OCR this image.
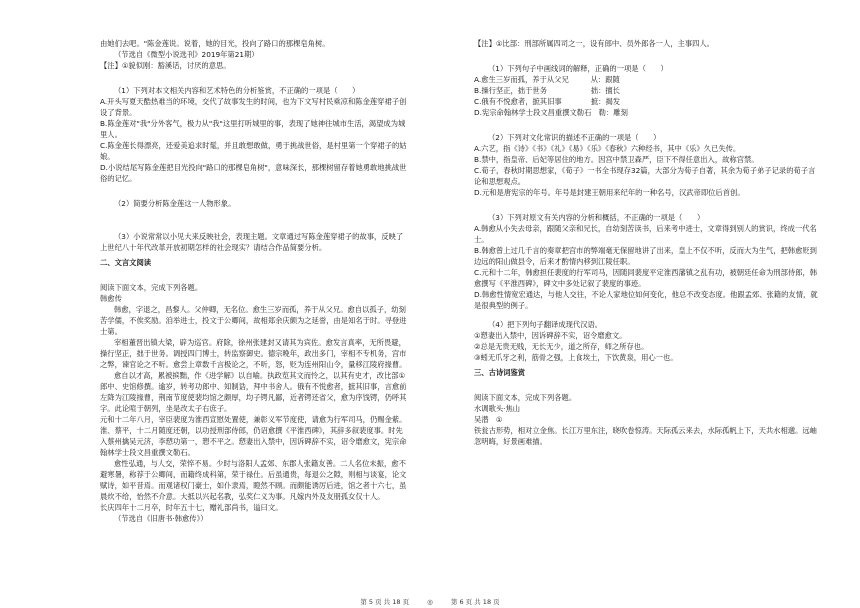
由她们去吧。"陈金莲说。说着，她的目光，投向了路口的那棵皂角树。

（节选自《微型小说选刊》2019年第21期）

【注】①貌似刚：豁溪话，讨厌的意思。

（1）下列对本文相关内容和艺术特色的分析鉴赏，不正确的一项是（　　）

A.开头写夏天酷热难当的环境，交代了故事发生的时间，也为下文写村民乘凉和陈金莲穿裙子创设了背景。

B.陈金莲对"我"分外客气，极力从"我"这里打听城里的事，表现了她神往城市生活，渴望成为城里人。

C.陈金莲长得漂亮，还爱美追求时髦，并且敢想敢做，勇于挑战世俗，是村里第一个穿裙子的姑娘。

D.小说结尾写陈金莲把目光投向"路口的那棵皂角树"，意味深长，那棵树留存着她勇敢地挑战世俗的记忆。

（2）简要分析陈金莲这一人物形象。

（3）小说常常以小见大来反映社会，表现主题。文章通过写陈金莲穿裙子的故事，反映了上世纪八十年代改革开放初期怎样的社会现实？请结合作品简要分析。

二、文言文阅读

阅读下面文本，完成下列各题。

韩愈传

韩愈，字退之，昌黎人。父仲卿，无名位。愈生三岁而孤，养于从父兄。愈自以孤子，幼刻苦学儒，不俟奖励。洎举进士，投文于公卿间，故相郑余庆颇为之延誉，由是知名于时。寻登进士第。

宰相董晋出镇大梁，辟为巡官。府除，徐州张建封又请其为宾佐。愈发言真率，无所畏避，操行坚正，拙于世务。调授四门博士，转监察御史。德宗晚年，政出多门，宰相不专机务，宫市之弊，谏官论之不听。愈尝上章数千言极论之，不听，怒，贬为连州阳山令，量移江陵府掾曹。

愈自以才高，累被摈黜，作《进学解》以自喻。执政览其文而怜之，以其有史才，改比部①郎中、史馆修撰。逾岁，转考功郎中、知制诰，拜中书舍人。俄有不悦愈者，摭其旧事，言愈前左降为江陵掾曹，荆南节度使裴均馆之颇厚，均子锷凡鄙，近者锷还省父，愈为序饯锷，仍呼其字。此论喧于朝列，坐是改太子右庶子。

元和十二年八月，宰臣裴度为淮西宣慰处置使，兼彰义军节度使，请愈为行军司马，仍赐金紫。淮、蔡平，十二月随度还朝，以功授刑部侍郎，仍诏愈撰《平淮西碑》，其辞多叙裴度事。时先入蔡州擒吴元济，李愬功第一，愬不平之。愬妻出入禁中，因诉碑辞不实，诏令磨愈文，宪宗命翰林学士段文昌重撰文勒石。

愈性弘通，与人交，荣悴不易。少时与洛阳人孟郊、东郡人张籍友善。二人名位未振，愈不避寒暑，称荐于公卿间，而籍终成科第，荣于禄仕。后虽通贵，每退公之隙，则相与谈宴，论文赋诗，如平昔焉。而观诸权门豪士，如仆隶焉，瞪然不顾。而颇能诱厉后进，馆之者十六七，虽晨炊不给，怡然不介意。大抵以兴起名教，弘奖仁义为事。凡嫁内外及友朋孤女仅十人。

长庆四年十二月卒，时年五十七，赠礼部尚书，谥曰文。

（节选自《旧唐书·韩愈传》）

【注】①比部：刑部所属四司之一，设有郎中、员外郎各一人，主事四人。

（1）下列句子中画线词的解释，正确的一项是（　　）

A.愈生三岁而孤，养于从父兄　　　从：跟随

B.操行坚正，拙于世务　　　　　　拙：擅长

C.俄有不悦愈者，摭其旧事　　　　摭：揭发

D.宪宗命翰林学士段文昌重撰文勒石　勒：雕刻

（2）下列对文化常识的描述不正确的一项是（　　）

A.六艺，指《诗》《书》《礼》《易》《乐》《春秋》六种经书，其中《乐》久已失传。

B.禁中，指皇帝、后妃等居住的地方。因宫中禁卫森严，臣下不得任意出入，故称宫禁。

C.荀子，春秋时期思想家，《荀子》一书全书现存32篇，大部分为荀子自著，其余为荀子弟子记录的荀子言论和思想观点。

D.元和是唐宪宗的年号。年号是封建王朝用来纪年的一种名号，汉武帝即位后首创。

（3）下列对原文有关内容的分析和概括，不正确的一项是（　　）

A.韩愈从小失去母亲，跟随父亲和兄长，自幼刻苦读书，后来考中进士，文章得到别人的赏识，终成一代名士。

B.韩愈曾上过几千言的奏章把宫市的弊端毫无保留地讲了出来，皇上不仅不听，反而大为生气，把韩愈贬到边远的阳山做县令，后来才酌情内移到江陵任职。

C.元和十二年，韩愈担任裴度的行军司马，因随同裴度平定淮西藩镇之乱有功，被朝廷任命为刑部侍郎，韩愈撰写《平淮西碑》，碑文中多处记叙了裴度的事迹。

D.韩愈性情宽宏通达，与他人交往，不论人家地位如何变化，他总不改变态度。他跟孟郊、张籍的友情，就是很典型的例子。

（4）把下列句子翻译成现代汉语。

①愬妻出入禁中，因诉碑辞不实，诏令磨愈文。

②总是无贵无贱，无长无少，道之所存，师之所存也。

③蚓无爪牙之利，筋骨之强，上食埃土，下饮黄泉，用心一也。

三、古诗词鉴赏

阅读下面文本，完成下列各题。

水调歌头·焦山

吴潜　①

铁瓮古形势，相对立金焦。长江万里东注，晓吹卷惊涛。天际孤云来去，水际孤帆上下，天共水相邈。远岫忽明晦，好景画难描。

第 5 页 共 18 页	◎	第 6 页 共 18 页
